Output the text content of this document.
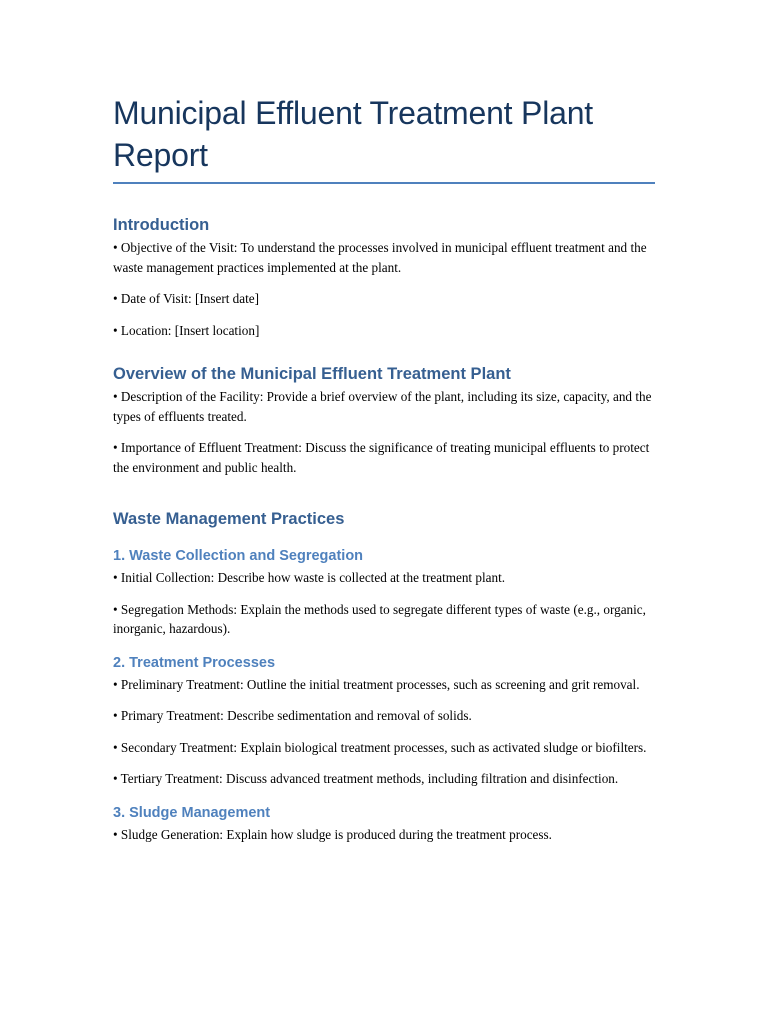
Municipal Effluent Treatment Plant Report
Introduction

• Objective of the Visit: To understand the processes involved in municipal effluent treatment and the waste management practices implemented at the plant.

• Date of Visit: [Insert date]

• Location: [Insert location]

Overview of the Municipal Effluent Treatment Plant

• Description of the Facility: Provide a brief overview of the plant, including its size, capacity, and the types of effluents treated.

• Importance of Effluent Treatment: Discuss the significance of treating municipal effluents to protect the environment and public health.

Waste Management Practices
1. Waste Collection and Segregation

• Initial Collection: Describe how waste is collected at the treatment plant.

• Segregation Methods: Explain the methods used to segregate different types of waste (e.g., organic, inorganic, hazardous).

2. Treatment Processes

• Preliminary Treatment: Outline the initial treatment processes, such as screening and grit removal.

• Primary Treatment: Describe sedimentation and removal of solids.

• Secondary Treatment: Explain biological treatment processes, such as activated sludge or biofilters.

• Tertiary Treatment: Discuss advanced treatment methods, including filtration and disinfection.

3. Sludge Management

• Sludge Generation: Explain how sludge is produced during the treatment process.
